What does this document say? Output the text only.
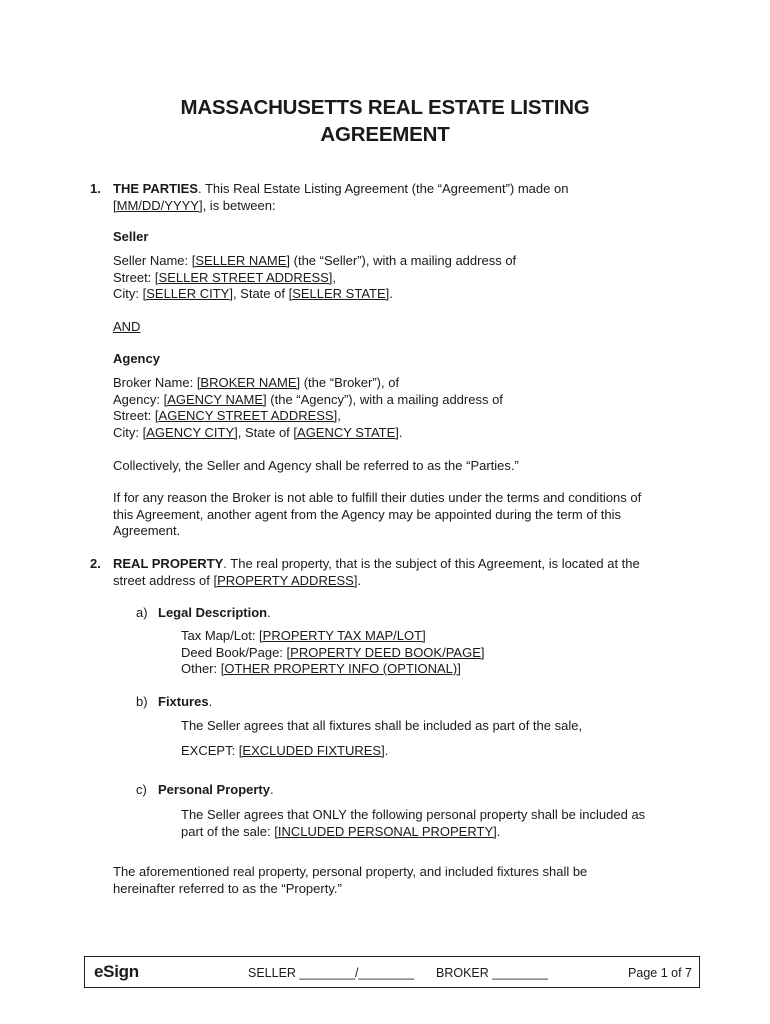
MASSACHUSETTS REAL ESTATE LISTING
AGREEMENT
1. THE PARTIES. This Real Estate Listing Agreement (the “Agreement”) made on
[MM/DD/YYYY], is between:
Seller
Seller Name: [SELLER NAME] (the “Seller”), with a mailing address of
Street: [SELLER STREET ADDRESS],
City: [SELLER CITY], State of [SELLER STATE].
AND
Agency
Broker Name: [BROKER NAME] (the “Broker”), of
Agency: [AGENCY NAME] (the “Agency”), with a mailing address of
Street: [AGENCY STREET ADDRESS],
City: [AGENCY CITY], State of [AGENCY STATE].
Collectively, the Seller and Agency shall be referred to as the “Parties.”
If for any reason the Broker is not able to fulfill their duties under the terms and conditions of
this Agreement, another agent from the Agency may be appointed during the term of this
Agreement.
2. REAL PROPERTY. The real property, that is the subject of this Agreement, is located at the
street address of [PROPERTY ADDRESS].
a) Legal Description.
Tax Map/Lot: [PROPERTY TAX MAP/LOT]
Deed Book/Page: [PROPERTY DEED BOOK/PAGE]
Other: [OTHER PROPERTY INFO (OPTIONAL)]
b) Fixtures.
The Seller agrees that all fixtures shall be included as part of the sale,
EXCEPT: [EXCLUDED FIXTURES].
c) Personal Property.
The Seller agrees that ONLY the following personal property shall be included as
part of the sale: [INCLUDED PERSONAL PROPERTY].
The aforementioned real property, personal property, and included fixtures shall be
hereinafter referred to as the “Property.”
eSign	SELLER ________/________ BROKER ________	Page 1 of 7
